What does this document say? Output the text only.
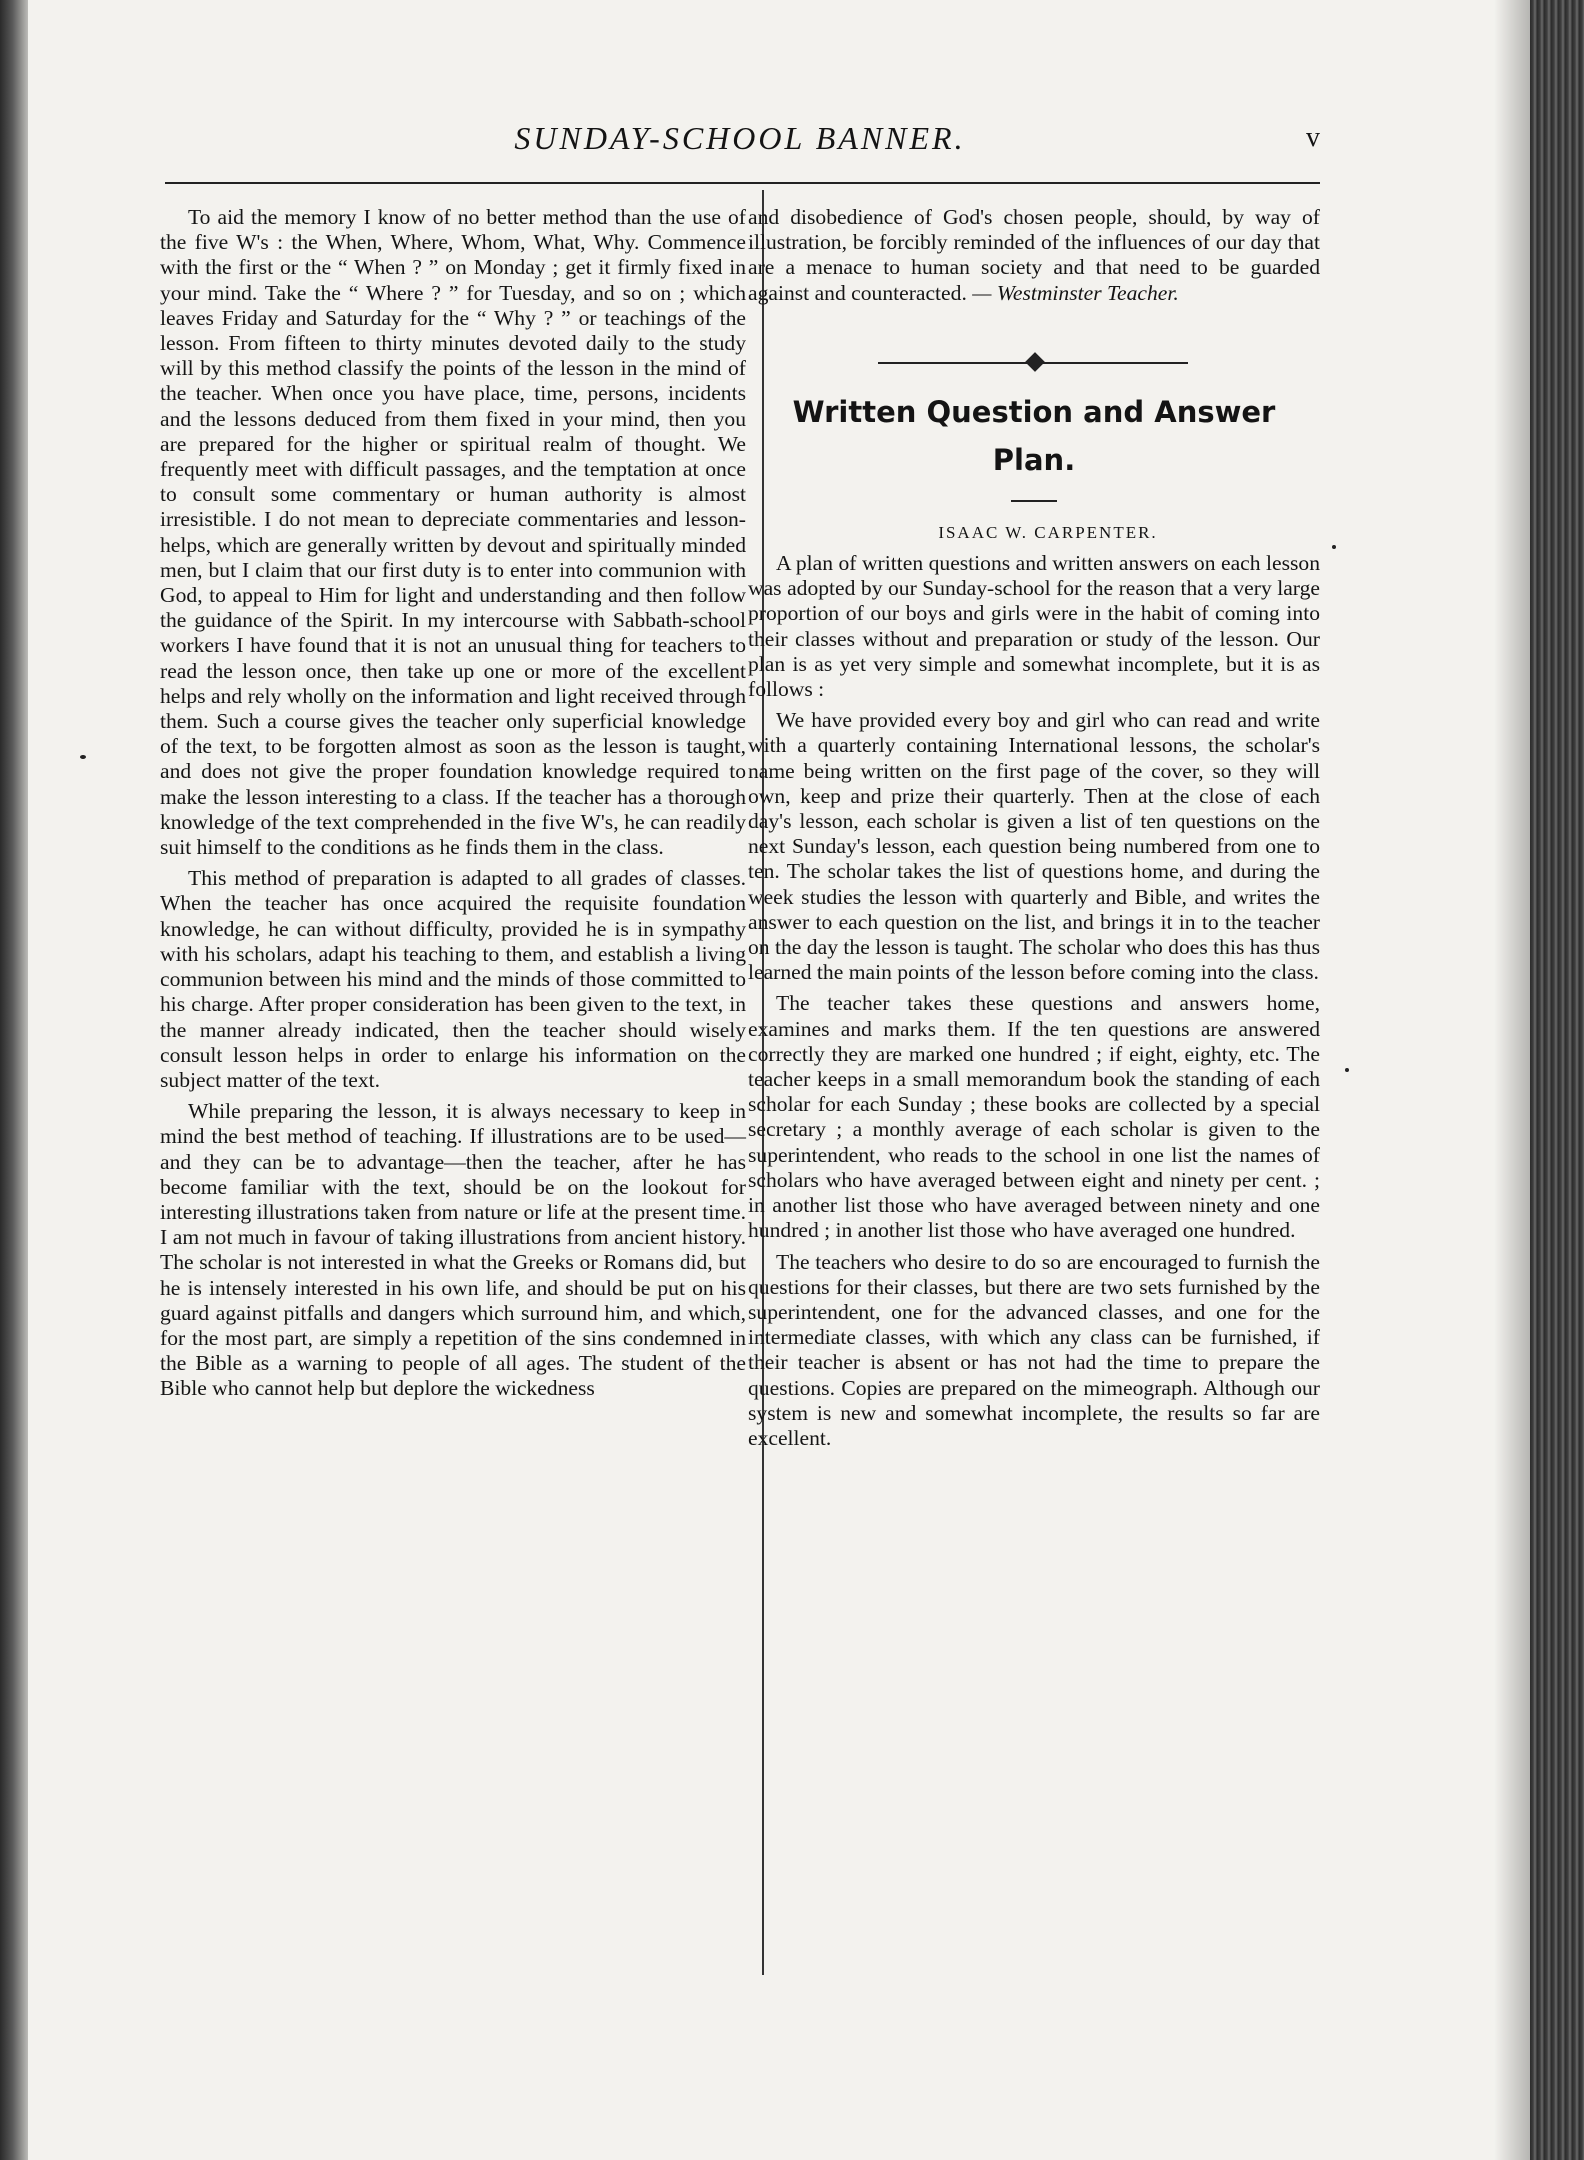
SUNDAY-SCHOOL BANNER.	v

To aid the memory I know of no better method than the use of the five W's : the When, Where, Whom, What, Why. Commence with the first or the “ When ? ” on Monday ; get it firmly fixed in your mind. Take the “ Where ? ” for Tuesday, and so on ; which leaves Friday and Saturday for the “ Why ? ” or teachings of the lesson. From fifteen to thirty minutes devoted daily to the study will by this method classify the points of the lesson in the mind of the teacher. When once you have place, time, persons, incidents and the lessons deduced from them fixed in your mind, then you are prepared for the higher or spiritual realm of thought. We frequently meet with difficult passages, and the temptation at once to consult some commentary or human authority is almost irresistible. I do not mean to depreciate commentaries and lesson-helps, which are generally written by devout and spiritually minded men, but I claim that our first duty is to enter into communion with God, to appeal to Him for light and understanding and then follow the guidance of the Spirit. In my intercourse with Sabbath-school workers I have found that it is not an unusual thing for teachers to read the lesson once, then take up one or more of the excellent helps and rely wholly on the information and light received through them. Such a course gives the teacher only superficial knowledge of the text, to be forgotten almost as soon as the lesson is taught, and does not give the proper foundation knowledge required to make the lesson interesting to a class. If the teacher has a thorough knowledge of the text comprehended in the five W's, he can readily suit himself to the conditions as he finds them in the class.

This method of preparation is adapted to all grades of classes. When the teacher has once acquired the requisite foundation knowledge, he can without difficulty, provided he is in sympathy with his scholars, adapt his teaching to them, and establish a living communion between his mind and the minds of those committed to his charge. After proper consideration has been given to the text, in the manner already indicated, then the teacher should wisely consult lesson helps in order to enlarge his information on the subject matter of the text.

While preparing the lesson, it is always necessary to keep in mind the best method of teaching. If illustrations are to be used—and they can be to advantage—then the teacher, after he has become familiar with the text, should be on the lookout for interesting illustrations taken from nature or life at the present time. I am not much in favour of taking illustrations from ancient history. The scholar is not interested in what the Greeks or Romans did, but he is intensely interested in his own life, and should be put on his guard against pitfalls and dangers which surround him, and which, for the most part, are simply a repetition of the sins condemned in the Bible as a warning to people of all ages. The student of the Bible who cannot help but deplore the wickedness

and disobedience of God's chosen people, should, by way of illustration, be forcibly reminded of the influences of our day that are a menace to human society and that need to be guarded against and counteracted. — Westminster Teacher.

Written Question and Answer
Plan.

ISAAC W. CARPENTER.

A plan of written questions and written answers on each lesson was adopted by our Sunday-school for the reason that a very large proportion of our boys and girls were in the habit of coming into their classes without and preparation or study of the lesson. Our plan is as yet very simple and somewhat incomplete, but it is as follows :

We have provided every boy and girl who can read and write with a quarterly containing International lessons, the scholar's name being written on the first page of the cover, so they will own, keep and prize their quarterly. Then at the close of each day's lesson, each scholar is given a list of ten questions on the next Sunday's lesson, each question being numbered from one to ten. The scholar takes the list of questions home, and during the week studies the lesson with quarterly and Bible, and writes the answer to each question on the list, and brings it in to the teacher on the day the lesson is taught. The scholar who does this has thus learned the main points of the lesson before coming into the class.

The teacher takes these questions and answers home, examines and marks them. If the ten questions are answered correctly they are marked one hundred ; if eight, eighty, etc. The teacher keeps in a small memorandum book the standing of each scholar for each Sunday ; these books are collected by a special secretary ; a monthly average of each scholar is given to the superintendent, who reads to the school in one list the names of scholars who have averaged between eight and ninety per cent. ; in another list those who have averaged between ninety and one hundred ; in another list those who have averaged one hundred.

The teachers who desire to do so are encouraged to furnish the questions for their classes, but there are two sets furnished by the superintendent, one for the advanced classes, and one for the intermediate classes, with which any class can be furnished, if their teacher is absent or has not had the time to prepare the questions. Copies are prepared on the mimeograph. Although our system is new and somewhat incomplete, the results so far are excellent.
